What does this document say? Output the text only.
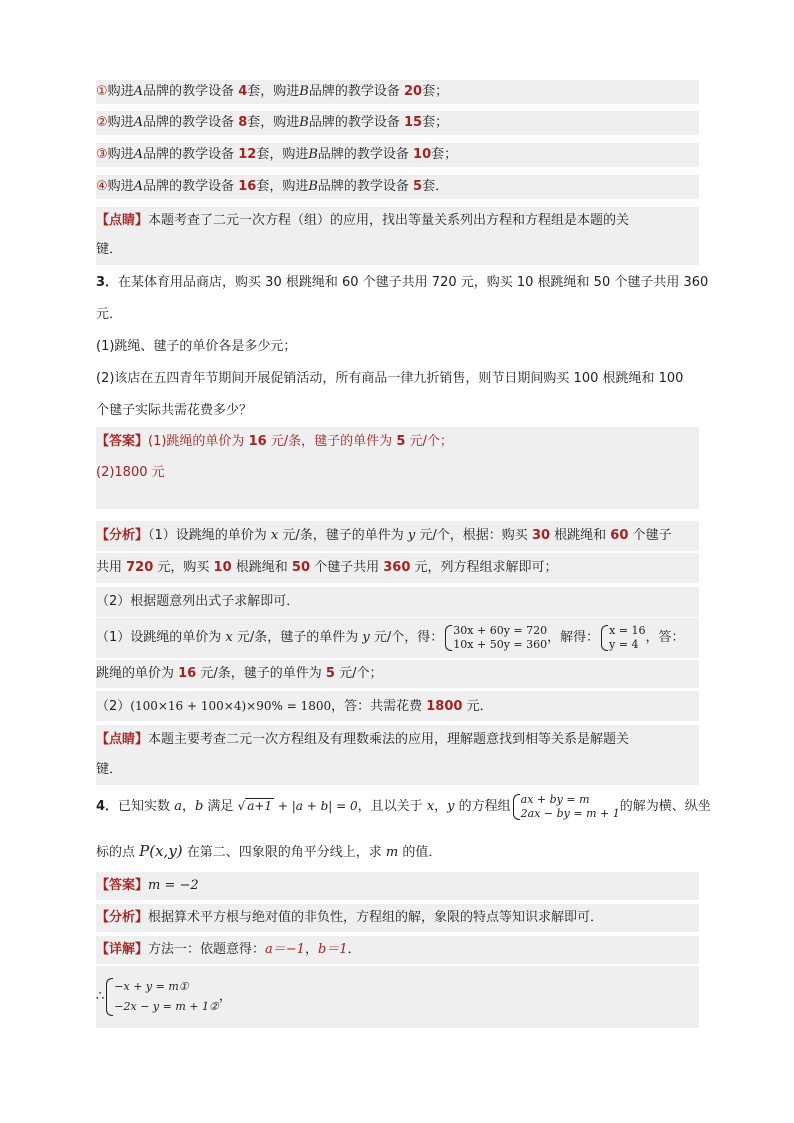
①购进A品牌的教学设备 4套，购进B品牌的教学设备 20套；
②购进A品牌的教学设备 8套，购进B品牌的教学设备 15套；
③购进A品牌的教学设备 12套，购进B品牌的教学设备 10套；
④购进A品牌的教学设备 16套，购进B品牌的教学设备 5套．
【点睛】本题考查了二元一次方程（组）的应用，找出等量关系列出方程和方程组是本题的关
键．
3．在某体育用品商店，购买 30 根跳绳和 60 个毽子共用 720 元，购买 10 根跳绳和 50 个毽子共用 360
元．
(1)跳绳、毽子的单价各是多少元；
(2)该店在五四青年节期间开展促销活动，所有商品一律九折销售，则节日期间购买 100 根跳绳和 100
个毽子实际共需花费多少？
【答案】(1)跳绳的单价为 16 元/条，毽子的单件为 5 元/个；
(2)1800 元
【分析】（1）设跳绳的单价为 x 元/条，毽子的单件为 y 元/个，根据：购买 30 根跳绳和 60 个毽子
共用 720 元，购买 10 根跳绳和 50 个毽子共用 360 元，列方程组求解即可；
（2）根据题意列出式子求解即可．
（1）设跳绳的单价为 x 元/条，毽子的单件为 y 元/个，得： 30x + 60y = 720
10x + 50y = 360 ，解得： x = 16
y = 4 ，答：
跳绳的单价为 16 元/条，毽子的单件为 5 元/个；
（2）(100×16 + 100×4)×90% = 1800，答：共需花费 1800 元．
【点睛】本题主要考查二元一次方程组及有理数乘法的应用，理解题意找到相等关系是解题关
键．
4．已知实数 a，b 满足 √ a+1 + |a + b| = 0，且以关于 x，y 的方程组 ax + by = m
2ax − by = m + 1 的解为横、纵坐
标的点 P(x,y) 在第二、四象限的角平分线上，求 m 的值．
【答案】m = −2
【分析】根据算术平方根与绝对值的非负性，方程组的解，象限的特点等知识求解即可．
【详解】方法一：依题意得：a＝−1，b＝1．
∴
−x + y = m①
−2x − y = m + 1②
，
